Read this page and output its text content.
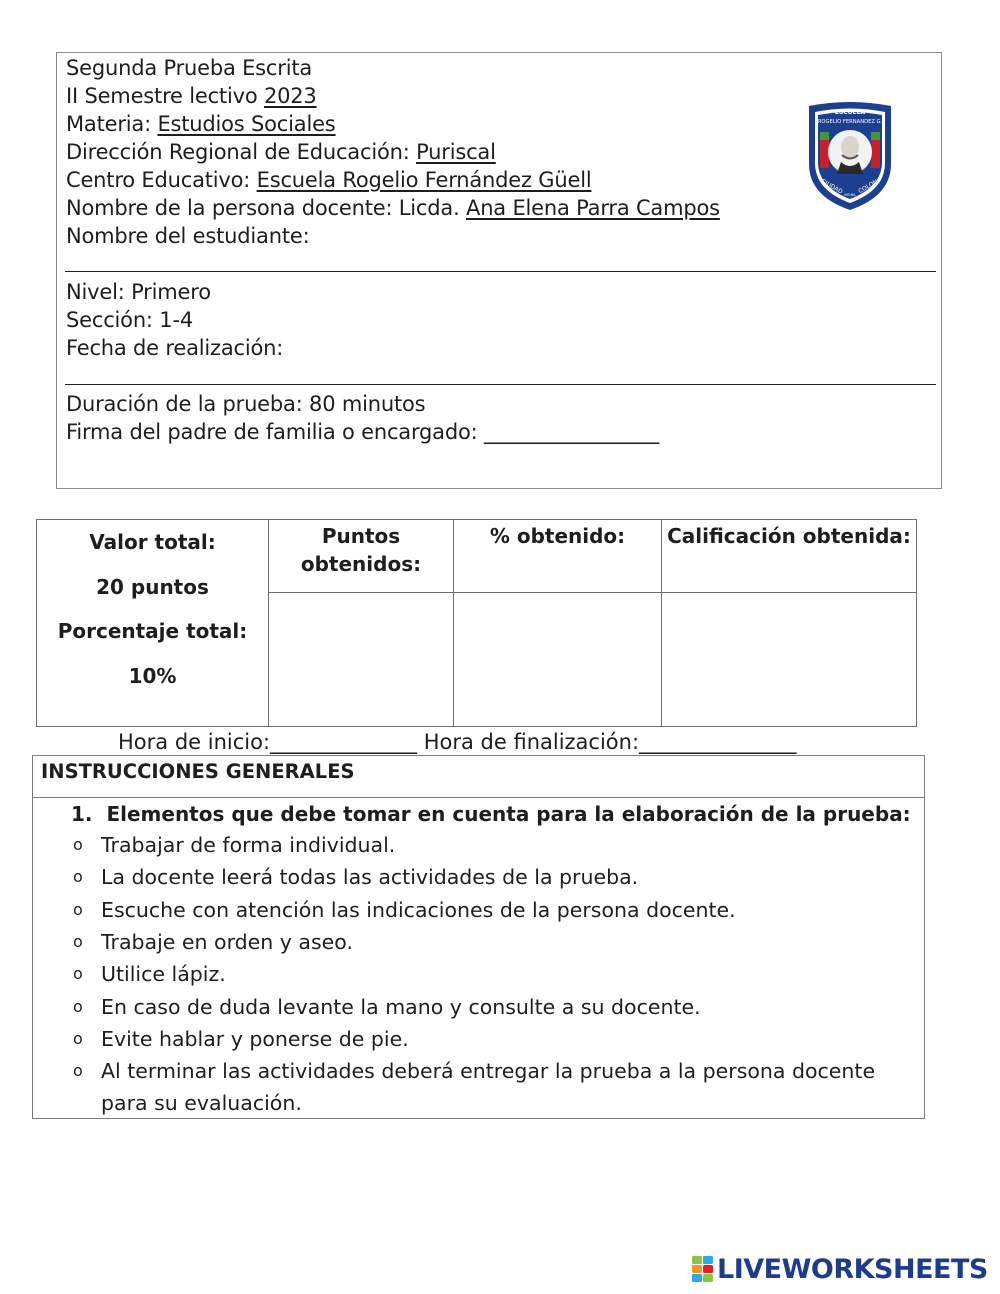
Segunda Prueba Escrita
II Semestre lectivo 2023
Materia: Estudios Sociales
Dirección Regional de Educación: Puriscal
Centro Educativo: Escuela Rogelio Fernández Güell
Nombre de la persona docente: Licda. Ana Elena Parra Campos
Nombre del estudiante:
Nivel: Primero
Sección: 1-4
Fecha de realización:
Duración de la prueba: 80 minutos
Firma del padre de familia o encargado: _________________
ESCUELA
ROGELIO FERNANDEZ G.
CIUDAD COLON
MORA

Valor total:

20 puntos

Porcentaje total:

10%	Puntos obtenidos:	% obtenido:	Calificación obtenida:

Hora de inicio:______________ Hora de finalización:_______________
INSTRUCCIONES GENERALES
1. Elementos que debe tomar en cuenta para la elaboración de la prueba:
o Trabajar de forma individual.
o La docente leerá todas las actividades de la prueba.
o Escuche con atención las indicaciones de la persona docente.
o Trabaje en orden y aseo.
o Utilice lápiz.
o En caso de duda levante la mano y consulte a su docente.
o Evite hablar y ponerse de pie.
o Al terminar las actividades deberá entregar la prueba a la persona docente para su evaluación.
LIVEWORKSHEETS
